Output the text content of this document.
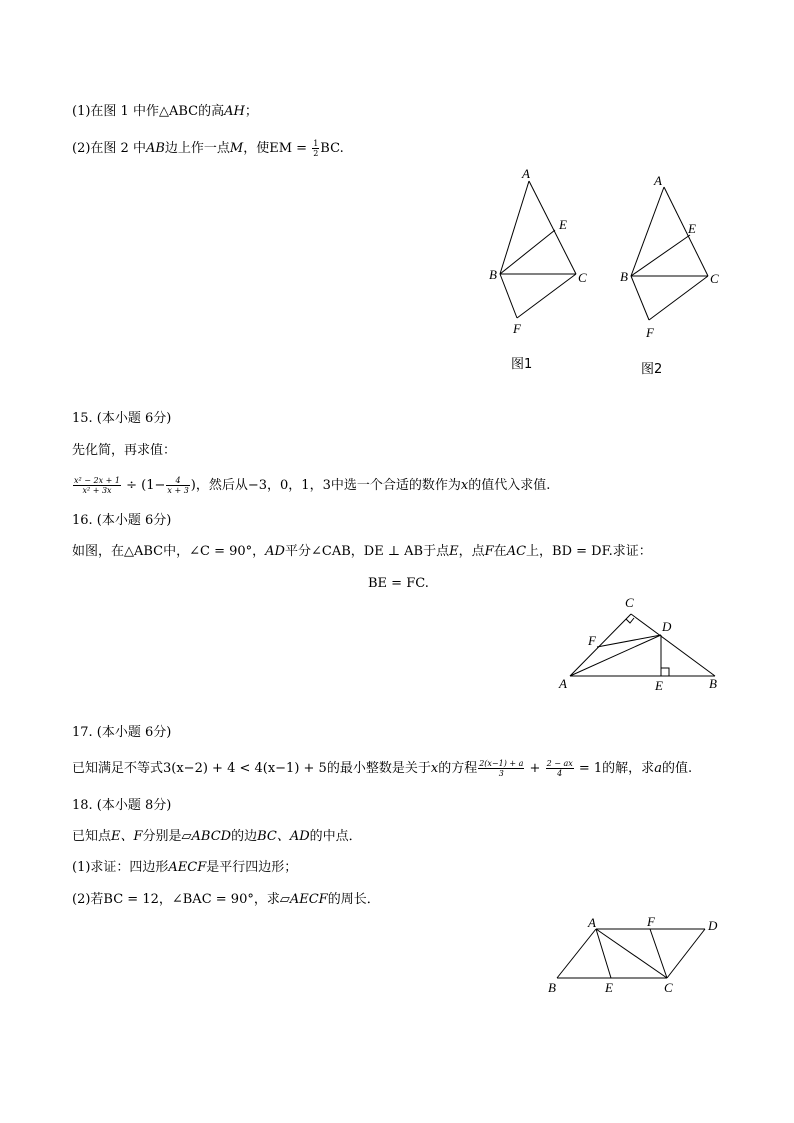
(1)在图 1 中作△ABC的高AH；
(2)在图 2 中AB边上作一点M，使EM = $\frac{1}{2}$ BC.
A
E
B	C
F
图1
A
E
B	C
F
图2
15. (本小题 6分)
先化简，再求值：
$\frac{\text{x² − 2x + 1}}{\text{x² + 3x}} \div (1- \frac{4}{x + 3}$ )，然后从−3，0，1，3中选一个合适的数作为x的值代入求值.
16. (本小题 6分)
如图，在△ABC中，∠C = 90°，AD平分∠CAB，DE ⊥ AB于点E，点F在AC上，BD = DF.求证：
BE = FC.
C
D
F
A	E	B
17. (本小题 6分)
已知满足不等式3(x−2) + 4 < 4(x−1) + 5的最小整数是关于x的方程 $\frac{2(x-1) + a}{3} + \frac{2 - ax}{4} = 1$的解，求a的值.
18. (本小题 8分)
已知点E、F分别是▱ABCD的边BC、AD的中点．
(1)求证：四边形AECF是平行四边形；
(2)若BC = 12，∠BAC = 90°，求▱AECF的周长．
A	F	D
B	E	C
